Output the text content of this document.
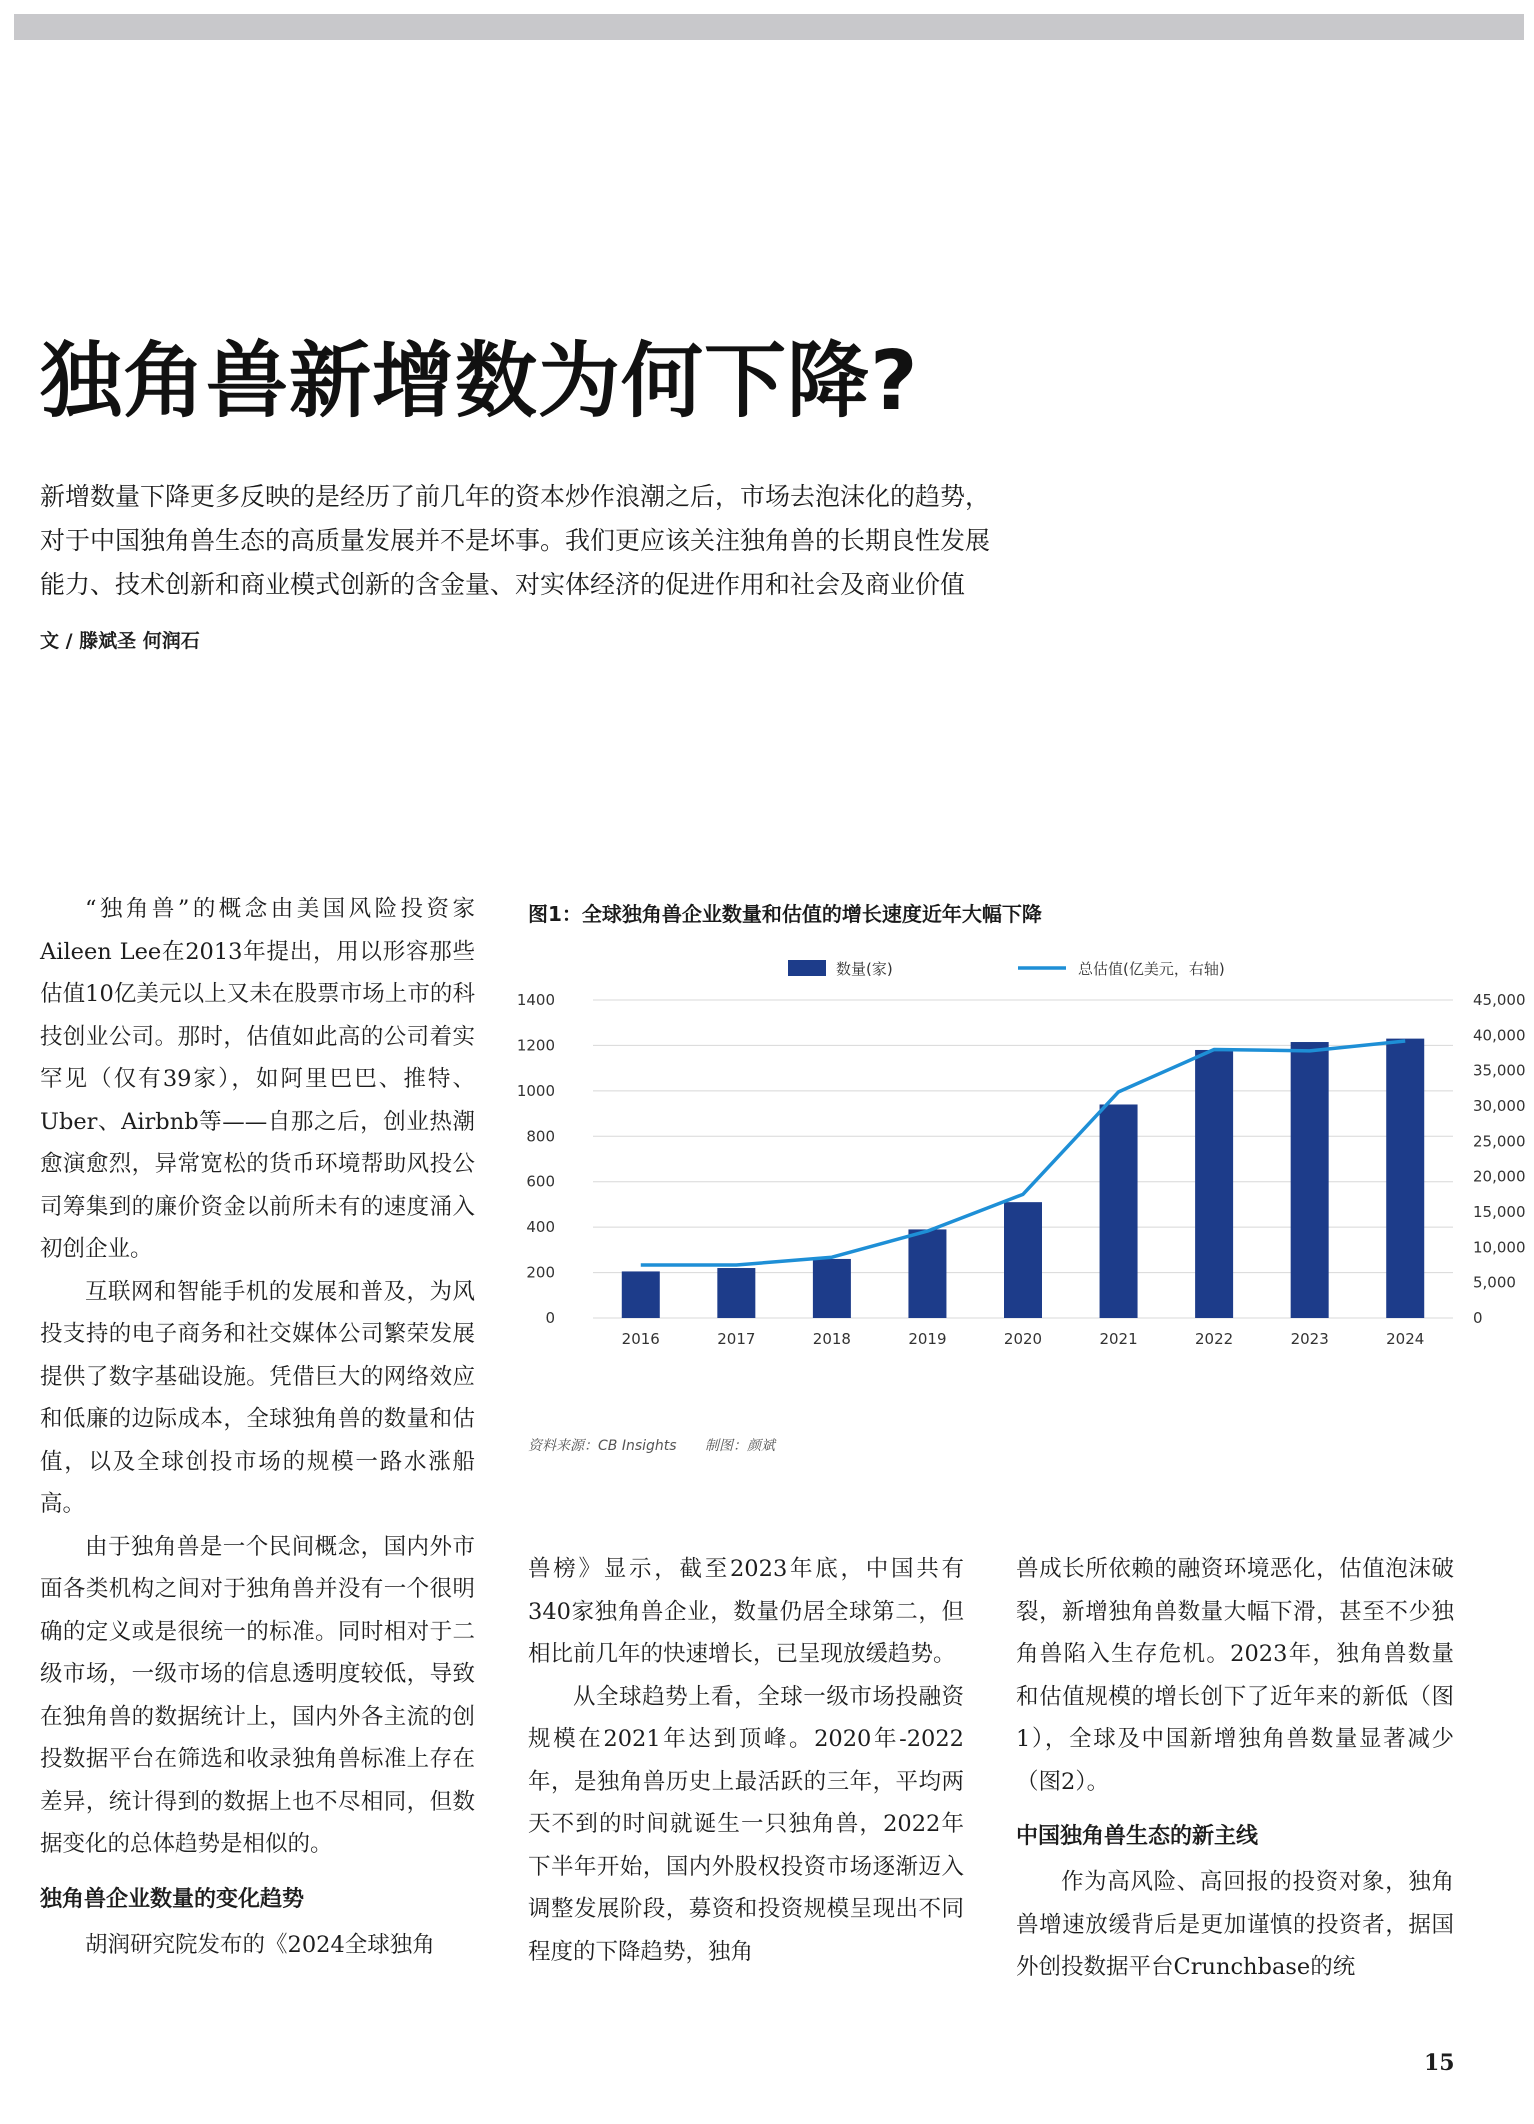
独角兽新增数为何下降?
新增数量下降更多反映的是经历了前几年的资本炒作浪潮之后，市场去泡沫化的趋势，
对于中国独角兽生态的高质量发展并不是坏事。我们更应该关注独角兽的长期良性发展
能力、技术创新和商业模式创新的含金量、对实体经济的促进作用和社会及商业价值
文 / 滕斌圣 何润石

“独角兽”的概念由美国风险投资家Aileen Lee在2013年提出，用以形容那些估值10亿美元以上又未在股票市场上市的科技创业公司。那时，估值如此高的公司着实罕见（仅有39家），如阿里巴巴、推特、Uber、Airbnb等——自那之后，创业热潮愈演愈烈，异常宽松的货币环境帮助风投公司筹集到的廉价资金以前所未有的速度涌入初创企业。

互联网和智能手机的发展和普及，为风投支持的电子商务和社交媒体公司繁荣发展提供了数字基础设施。凭借巨大的网络效应和低廉的边际成本，全球独角兽的数量和估值，以及全球创投市场的规模一路水涨船高。

由于独角兽是一个民间概念，国内外市面各类机构之间对于独角兽并没有一个很明确的定义或是很统一的标准。同时相对于二级市场，一级市场的信息透明度较低，导致在独角兽的数据统计上，国内外各主流的创投数据平台在筛选和收录独角兽标准上存在差异，统计得到的数据上也不尽相同，但数据变化的总体趋势是相似的。

独角兽企业数量的变化趋势

胡润研究院发布的《2024全球独角

图1：全球独角兽企业数量和估值的增长速度近年大幅下降
0
200
400
600
800
1000
1200
1400
0
5,000
10,000
15,000
20,000
25,000
30,000
35,000
40,000
45,000
2016	2017	2018	2019	2020	2021	2022	2023	2024
数量(家)	总估值(亿美元，右轴)
资料来源：CB Insights 制图：颜斌

兽榜》显示，截至2023年底，中国共有340家独角兽企业，数量仍居全球第二，但相比前几年的快速增长，已呈现放缓趋势。

从全球趋势上看，全球一级市场投融资规模在2021年达到顶峰。2020年-2022年，是独角兽历史上最活跃的三年，平均两天不到的时间就诞生一只独角兽，2022年下半年开始，国内外股权投资市场逐渐迈入调整发展阶段，募资和投资规模呈现出不同程度的下降趋势，独角

兽成长所依赖的融资环境恶化，估值泡沫破裂，新增独角兽数量大幅下滑，甚至不少独角兽陷入生存危机。2023年，独角兽数量和估值规模的增长创下了近年来的新低（图1），全球及中国新增独角兽数量显著减少（图2）。

中国独角兽生态的新主线

作为高风险、高回报的投资对象，独角兽增速放缓背后是更加谨慎的投资者，据国外创投数据平台Crunchbase的统

15
